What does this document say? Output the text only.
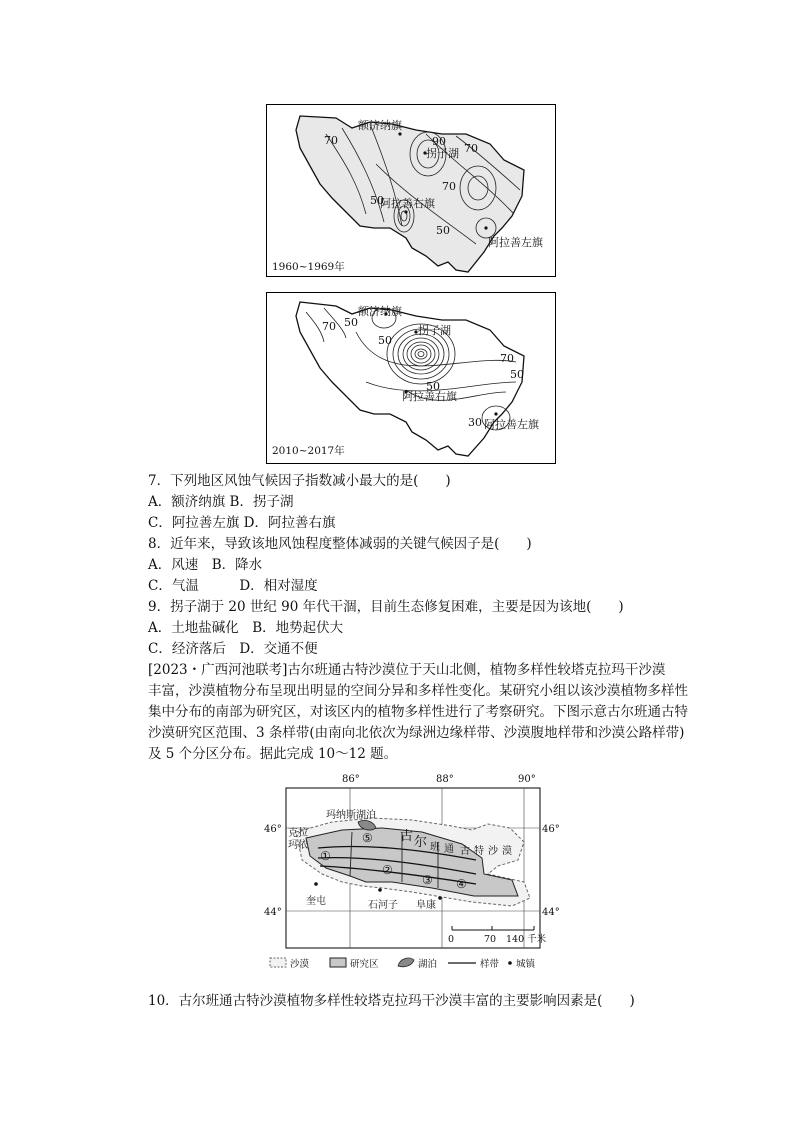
额济纳旗
拐子湖
阿拉善右旗
阿拉善左旗
70	90
70
70
50
50
1960~1969年
额济纳旗
拐子湖
阿拉善右旗
阿拉善左旗
70 50
50
70
50
50
30
2010~2017年
7．下列地区风蚀气候因子指数减小最大的是(　　)
A．额济纳旗 B．拐子湖
C．阿拉善左旗 D．阿拉善右旗
8．近年来，导致该地风蚀程度整体减弱的关键气候因子是(　　)
A．风速　B．降水
C．气温　　　D．相对湿度
9．拐子湖于 20 世纪 90 年代干涸，目前生态修复困难，主要是因为该地(　　)
A．土地盐碱化　B．地势起伏大
C．经济落后　D．交通不便
[2023・广西河池联考]古尔班通古特沙漠位于天山北侧，植物多样性较塔克拉玛干沙漠
丰富，沙漠植物分布呈现出明显的空间分异和多样性变化。某研究小组以该沙漠植物多样性
集中分布的南部为研究区，对该区内的植物多样性进行了考察研究。下图示意古尔班通古特
沙漠研究区范围、3 条样带(由南向北依次为绿洲边缘样带、沙漠腹地样带和沙漠公路样带)
及 5 个分区分布。据此完成 10～12 题。
86°	88°	90°
46°	46°
44°	44°
玛纳斯湖泊
克拉
玛依
古 尔 班 通 古 特 沙 漠
奎屯	石河子 阜康
①
②
③ ④
⑤
0	70 140 千米
沙漠	研究区	湖泊	样带 城镇
10．古尔班通古特沙漠植物多样性较塔克拉玛干沙漠丰富的主要影响因素是(　　)
